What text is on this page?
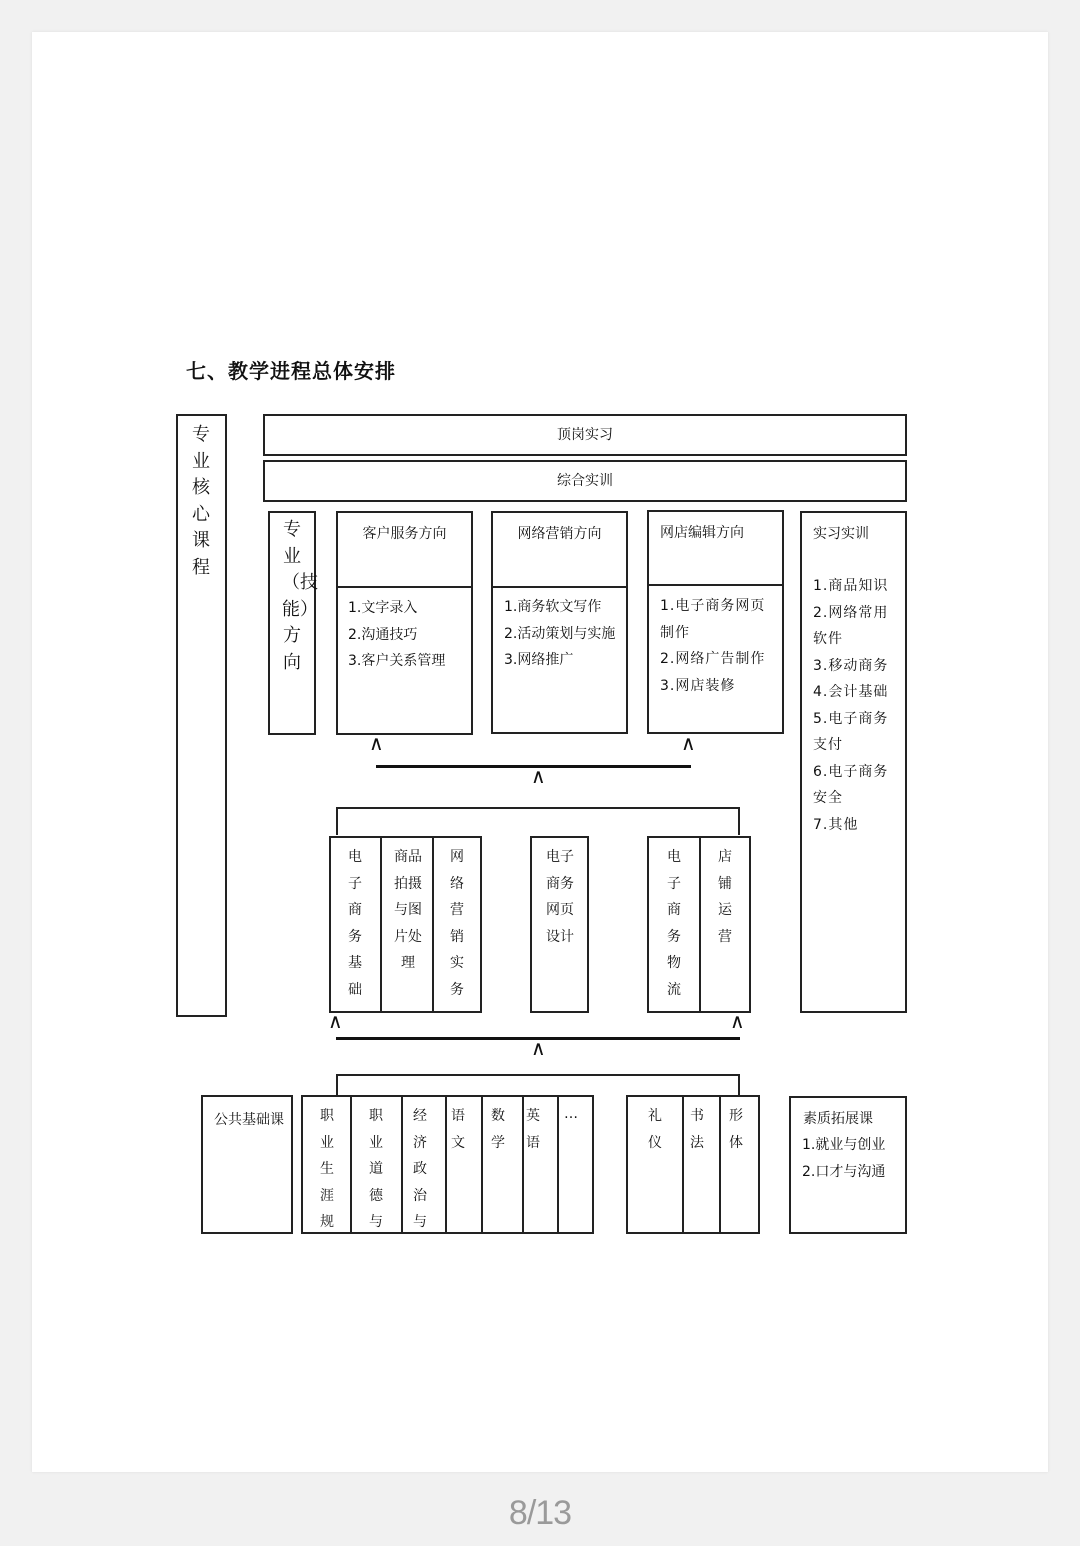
七、教学进程总体安排
专业核心课程
顶岗实习
综合实训
专业（技能）方向
客户服务方向
1.文字录入
2.沟通技巧
3.客户关系管理
网络营销方向
1.商务软文写作
2.活动策划与实施
3.网络推广
网店编辑方向
1.电子商务网页制作
2.网络广告制作
3.网店装修
实习实训
1.商品知识
2.网络常用软件
3.移动商务
4.会计基础
5.电子商务支付
6.电子商务安全
7.其他
∧	∧
∧
电子商务基础
商品拍摄与图片处理
网络营销实务
电子商务网页设计
电子商务物流
店铺运营
∧	∧
∧
公共基础课	职业生涯规
职业道德与
经济政治与
语文
数学
英语
…	礼仪
书法
形体
素质拓展课
1.就业与创业
2.口才与沟通
8/13
